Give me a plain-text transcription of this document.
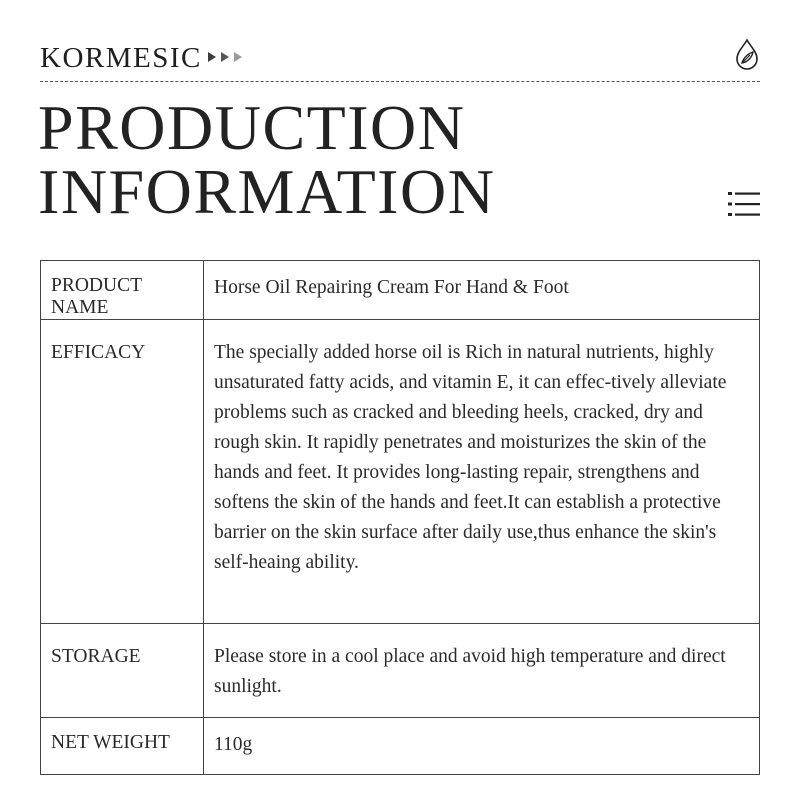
KORMESIC
PRODUCTION
INFORMATION
PRODUCT NAME	Horse Oil Repairing Cream For Hand & Foot
EFFICACY	The specially added horse oil is Rich in natural nutrients, highly unsaturated fatty acids, and vitamin E, it can effec-tively alleviate problems such as cracked and bleeding heels, cracked, dry and rough skin. It rapidly penetrates and moisturizes the skin of the hands and feet. It provides long-lasting repair, strengthens and softens the skin of the hands and feet.It can establish a protective barrier on the skin surface after daily use,thus enhance the skin's self-heaing ability.
STORAGE	Please store in a cool place and avoid high temperature and direct sunlight.
NET WEIGHT	110g
